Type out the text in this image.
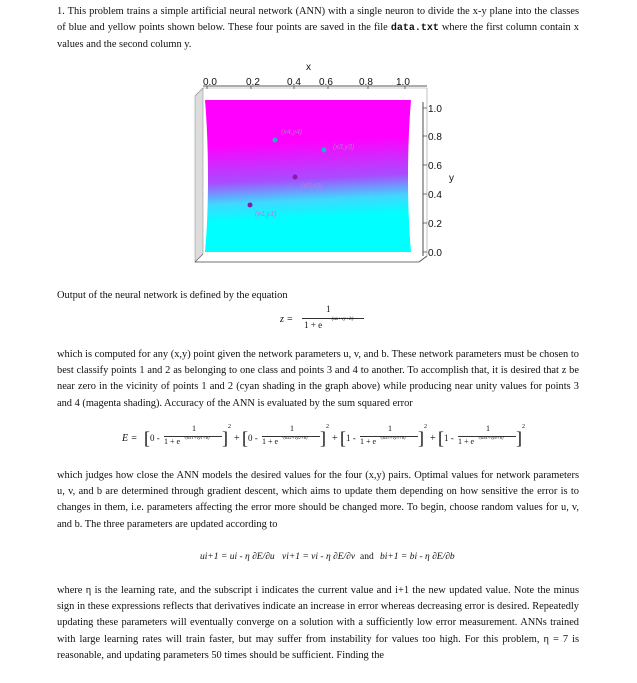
1. This problem trains a simple artificial neural network (ANN) with a single neuron to divide the x-y plane into the classes of blue and yellow points shown below. These four points are saved in the file data.txt where the first column contain x values and the second column y.
(x4,y4)
(x3,y3)
(x2,y2)
(x1,y1)
x
0.0	0.2	0.4 0.6	0.8 1.0
1.0
0.8
0.6
0.4
0.2
0.0
y
Output of the neural network is defined by the equation
z =
1
1 + e
-(ux+vy+b)
which is computed for any (x,y) point given the network parameters u, v, and b. These network parameters must be chosen to best classify points 1 and 2 as belonging to one class and points 3 and 4 to another. To accomplish that, it is desired that z be near zero in the vicinity of points 1 and 2 (cyan shading in the graph above) while producing near unity values for points 3 and 4 (magenta shading). Accuracy of the ANN is evaluated by the sum squared error
E = [ 0 -
1
1 + e -(ux1+vy1+b) ]
2
+ [ 0 -
1
1 + e -(ux2+vy2+b) ]
2
+ [ 1 -
1
1 + e -(ux3+vy3+b) ]
2
+ [ 1 -
1
1 + e -(ux4+vy4+b) ]
2
which judges how close the ANN models the desired values for the four (x,y) pairs. Optimal values for network parameters u, v, and b are determined through gradient descent, which aims to update them depending on how sensitive the error is to changes in them, i.e. parameters affecting the error more should be changed more. To begin, choose random values for u, v, and b. The three parameters are updated according to
ui+1 = ui - η ∂E/∂u vi+1 = vi - η ∂E/∂v and bi+1 = bi - η ∂E/∂b
where η is the learning rate, and the subscript i indicates the current value and i+1 the new updated value. Note the minus sign in these expressions reflects that derivatives indicate an increase in error whereas decreasing error is desired. Repeatedly updating these parameters will eventually converge on a solution with a sufficiently low error measurement. ANNs trained with large learning rates will train faster, but may suffer from instability for values too high. For this problem, η = 7 is reasonable, and updating parameters 50 times should be sufficient. Finding the
